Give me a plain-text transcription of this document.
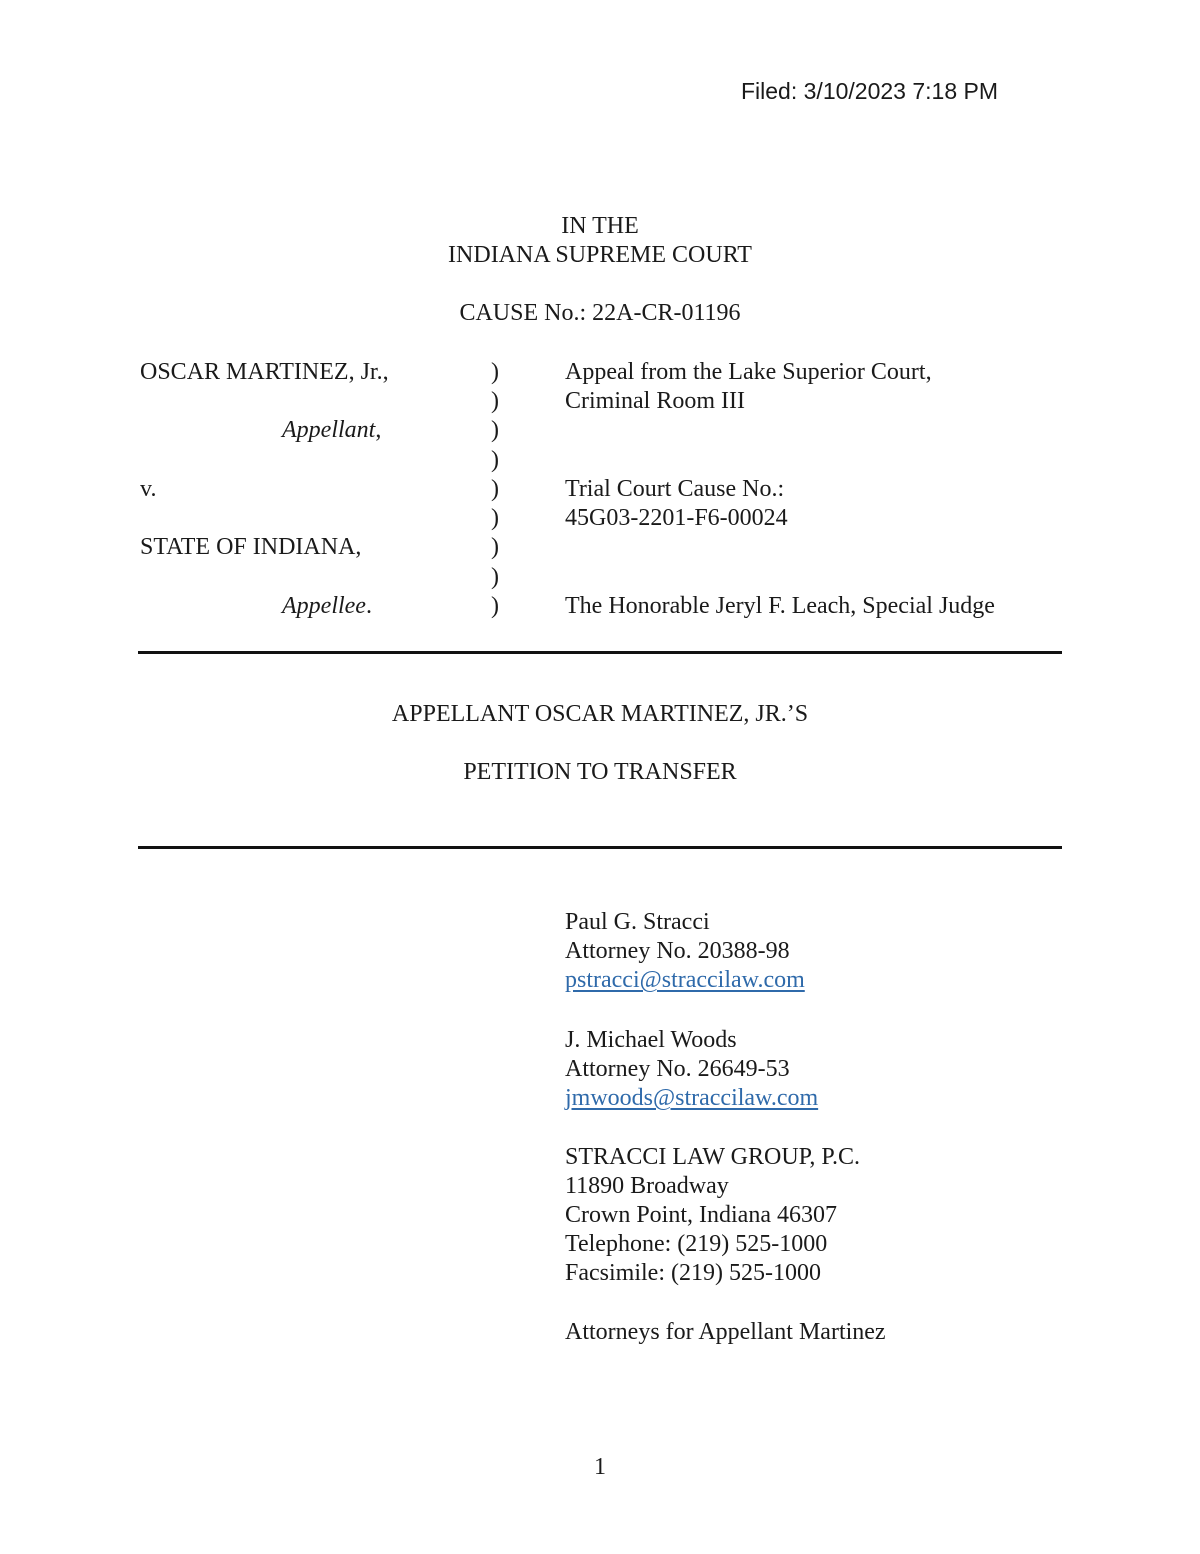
Filed: 3/10/2023 7:18 PM
IN THE
INDIANA SUPREME COURT
CAUSE No.: 22A-CR-01196
OSCAR MARTINEZ, Jr.,
Appellant,
v.
STATE OF INDIANA,
Appellee.
)
)
)
)
)
)
)
)
)
Appeal from the Lake Superior Court,
Criminal Room III
Trial Court Cause No.:
45G03-2201-F6-00024
The Honorable Jeryl F. Leach, Special Judge
APPELLANT OSCAR MARTINEZ, JR.’S
PETITION TO TRANSFER
Paul G. Stracci
Attorney No. 20388-98
pstracci@straccilaw.com
J. Michael Woods
Attorney No. 26649-53
jmwoods@straccilaw.com
STRACCI LAW GROUP, P.C.
11890 Broadway
Crown Point, Indiana 46307
Telephone: (219) 525-1000
Facsimile: (219) 525-1000
Attorneys for Appellant Martinez
1
